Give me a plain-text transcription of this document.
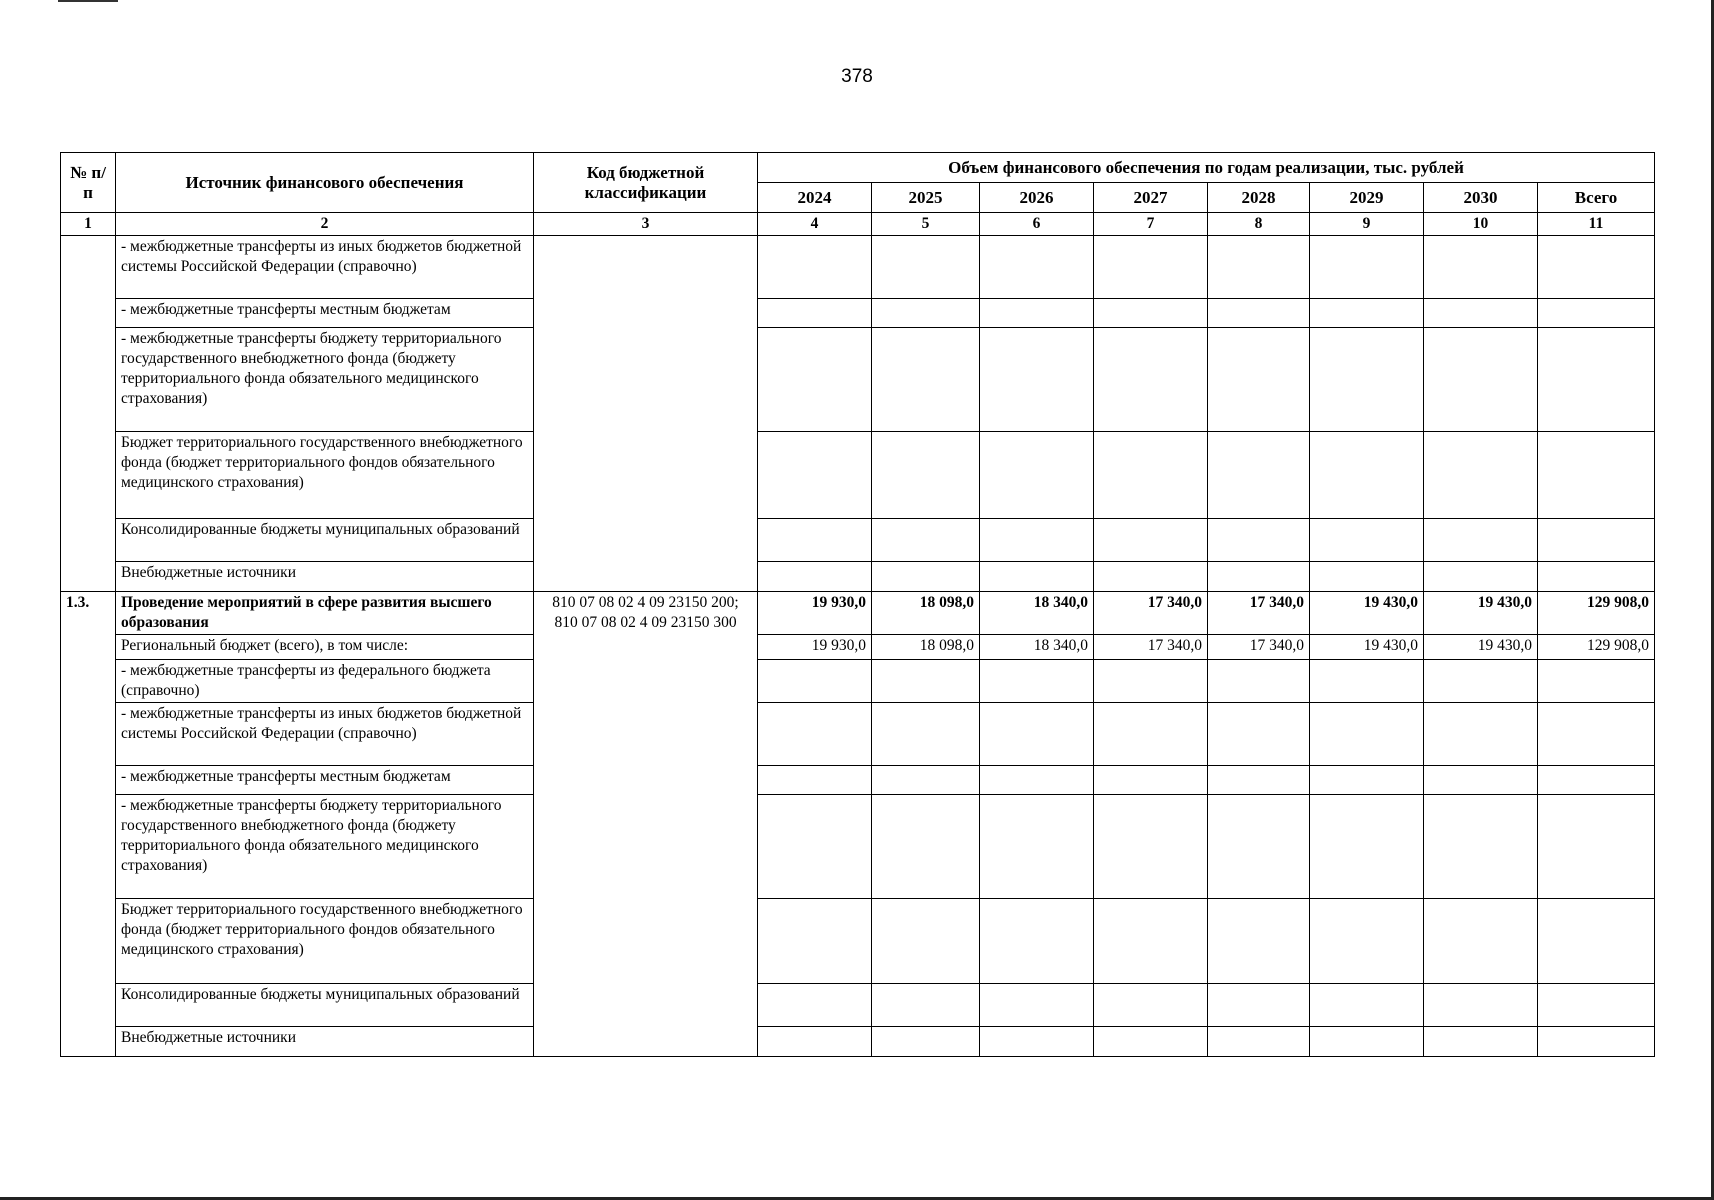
378
№ п/п	Источник финансового обеспечения	Код бюджетной классификации	Объем финансового обеспечения по годам реализации, тыс. рублей							
			2024	2025	2026	2027	2028	2029	2030	Всего
1	2	3	4	5	6	7	8	9	10	11
	- межбюджетные трансферты из иных бюджетов бюджетной системы Российской Федерации (справочно)									
	- межбюджетные трансферты местным бюджетам									
	- межбюджетные трансферты бюджету территориального государственного внебюджетного фонда (бюджету территориального фонда обязательного медицинского страхования)									
	Бюджет территориального государственного внебюджетного фонда (бюджет территориального фондов обязательного медицинского страхования)									
	Консолидированные бюджеты муниципальных образований									
	Внебюджетные источники									
1.3.	Проведение мероприятий в сфере развития высшего образования	810 07 08 02 4 09 23150 200; 810 07 08 02 4 09 23150 300	19 930,0	18 098,0	18 340,0	17 340,0	17 340,0	19 430,0	19 430,0	129 908,0
	Региональный бюджет (всего), в том числе:		19 930,0	18 098,0	18 340,0	17 340,0	17 340,0	19 430,0	19 430,0	129 908,0
	- межбюджетные трансферты из федерального бюджета (справочно)									
	- межбюджетные трансферты из иных бюджетов бюджетной системы Российской Федерации (справочно)									
	- межбюджетные трансферты местным бюджетам									
	- межбюджетные трансферты бюджету территориального государственного внебюджетного фонда (бюджету территориального фонда обязательного медицинского страхования)									
	Бюджет территориального государственного внебюджетного фонда (бюджет территориального фондов обязательного медицинского страхования)									
	Консолидированные бюджеты муниципальных образований									
	Внебюджетные источники									
